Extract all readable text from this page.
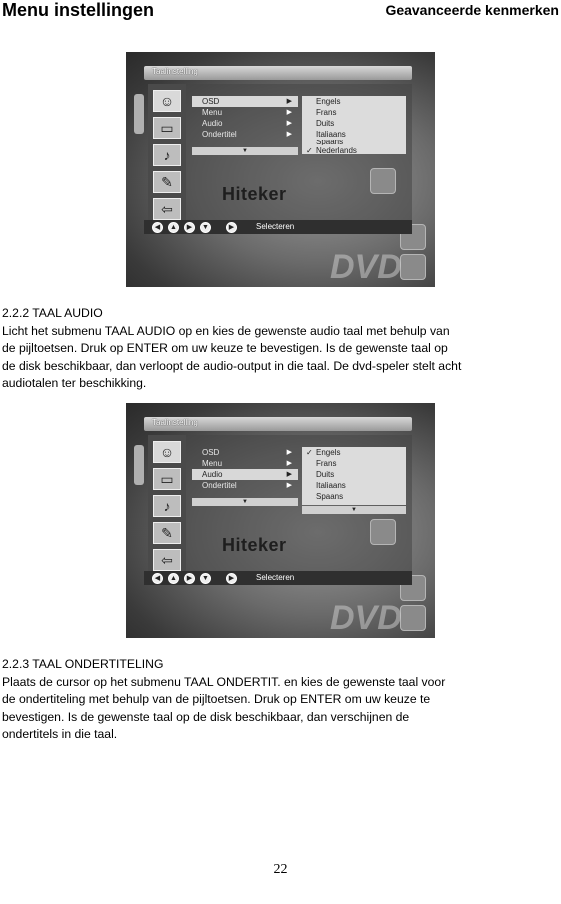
Menu instellingen	Geavanceerde kenmerken
Taalinstelling
☺
▭
♪
✎
⇦
OSD	▶
Menu	▶
Audio	▶
Ondertitel	▶
▼
Engels
Frans
Duits
Italiaans
Spaans
✓ Nederlands
Hiteker
DVD
◀	▲	▶	▼	▶	Selecteren

2.2.2 TAAL AUDIO

Licht het submenu TAAL AUDIO op en kies de gewenste audio taal met behulp van

de pijltoetsen. Druk op ENTER om uw keuze te bevestigen. Is de gewenste taal op

de disk beschikbaar, dan verloopt de audio-output in die taal. De dvd-speler stelt acht

audiotalen ter beschikking.

Taalinstelling
☺
▭
♪
✎
⇦
OSD	▶
Menu	▶
Audio	▶
Ondertitel	▶
▼
✓ Engels
Frans
Duits
Italiaans
Spaans
▼
Hiteker
DVD
◀	▲	▶	▼	▶	Selecteren

2.2.3 TAAL ONDERTITELING

Plaats de cursor op het submenu TAAL ONDERTIT. en kies de gewenste taal voor

de ondertiteling met behulp van de pijltoetsen. Druk op ENTER om uw keuze te

bevestigen. Is de gewenste taal op de disk beschikbaar, dan verschijnen de

ondertitels in die taal.

22
